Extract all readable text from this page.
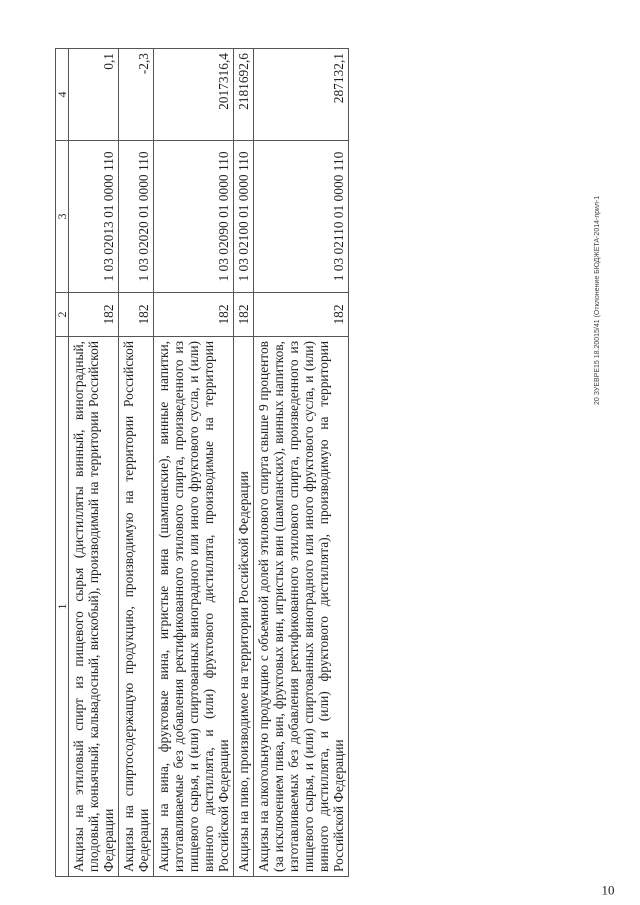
1	2	3	4
Акцизы на этиловый спирт из пищевого сырья (дистилляты винный, виноградный, плодовый, коньячный, кальвадосный, вискобый), производимый на территории Российской Федерации	182	1 03 02013 01 0000 110	0,1
Акцизы на спиртосодержащую продукцию, производимую на территории Российской Федерации	182	1 03 02020 01 0000 110	-2,3
Акцизы на вина, фруктовые вина, игристые вина (шампанские), винные напитки, изготавливаемые без добавления ректификованного этилового спирта, произведенного из пищевого сырья, и (или) спиртованных виноградного или иного фруктового сусла, и (или) винного дистиллята, и (или) фруктового дистиллята, производимые на территории Российской Федерации	182	1 03 02090 01 0000 110	2017316,4
Акцизы на пиво, производимое на территории Российской Федерации	182	1 03 02100 01 0000 110	2181692,6
Акцизы на алкогольную продукцию с объемной долей этилового спирта свыше 9 процентов (за исключением пива, вин, фруктовых вин, игристых вин (шампанских), винных напитков, изготавливаемых без добавления ректификованного этилового спирта, произведенного из пищевого сырья, и (или) спиртованных виноградного или иного фруктового сусла, и (или) винного дистиллята, и (или) фруктового дистиллята), производимую на территории Российской Федерации	182	1 03 02110 01 0000 110	287132,1
10
20 ЗУЕВРЕ15 18.20015/41 (Отклонение БЮДЖЕТА-2014-прил-1
